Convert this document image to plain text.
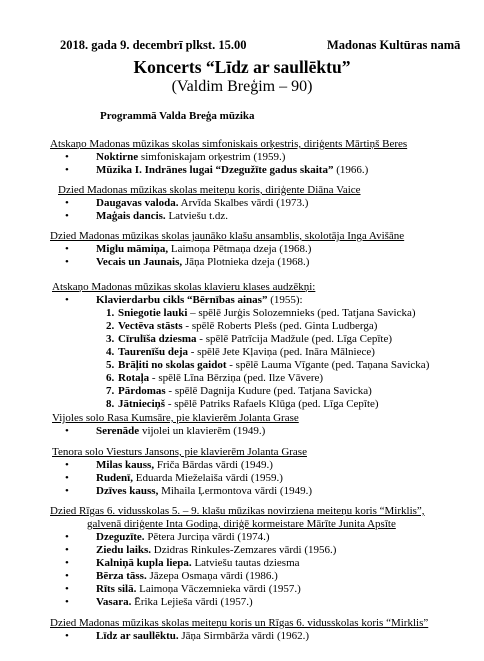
2018. gada 9. decembrī plkst. 15.00	Madonas Kultūras namā
Koncerts “Līdz ar saullēktu”
(Valdim Breģim – 90)
Programmā Valda Breģa mūzika
Atskaņo Madonas mūzikas skolas simfoniskais orķestris, diriģents Mārtiņš Beres
• Noktirne simfoniskajam orķestrim (1959.)
• Mūzika I. Indrānes lugai “Dzegužīte gadus skaita” (1966.)
Dzied Madonas mūzikas skolas meiteņu koris, diriģente Diāna Vaice
• Daugavas valoda. Arvīda Skalbes vārdi (1973.)
• Maģais dancis. Latviešu t.dz.
Dzied Madonas mūzikas skolas jaunāko klašu ansamblis, skolotāja Inga Avišāne
• Miglu māmiņa, Laimoņa Pētmaņa dzeja (1968.)
• Vecais un Jaunais, Jāņa Plotnieka dzeja (1968.)
Atskaņo Madonas mūzikas skolas klavieru klases audzēkņi:
• Klavierdarbu cikls “Bērnības ainas” (1955):
1. Sniegotie lauki – spēlē Jurģis Solozemnieks (ped. Tatjana Savicka)
2. Vectēva stāsts - spēlē Roberts Plešs (ped. Ginta Ludberga)
3. Cīrulīša dziesma - spēlē Patrīcija Madžule (ped. Līga Cepīte)
4. Taurenīšu deja - spēlē Jete Kļaviņa (ped. Ināra Mālniece)
5. Brāļiti no skolas gaidot - spēlē Lauma Vīgante (ped. Taņana Savicka)
6. Rotaļa - spēlē Līna Bērziņa (ped. Ilze Vāvere)
7. Pārdomas - spēlē Dagnija Kudure (ped. Tatjana Savicka)
8. Jātnieciņš - spēlē Patriks Rafaels Klūga (ped. Līga Cepīte)
Vijoles solo Rasa Kumsāre, pie klavierēm Jolanta Grase
• Serenāde vijolei un klavierēm (1949.)
Tenora solo Viesturs Jansons, pie klavierēm Jolanta Grase
• Milas kauss, Friča Bārdas vārdi (1949.)
• Rudenī, Eduarda Mieželaiša vārdi (1959.)
• Dzīves kauss, Mihaila Ļermontova vārdi (1949.)
Dzied Rīgas 6. vidusskolas 5. – 9. klašu mūzikas novirziena meiteņu koris “Mirklis”,
galvenā diriģente Inta Godiņa, diriģē kormeistare Mārīte Junita Apsīte
• Dzeguzīte. Pētera Jurciņa vārdi (1974.)
• Ziedu laiks. Dzidras Rinkules-Zemzares vārdi (1956.)
• Kalniņā kupla liepa. Latviešu tautas dziesma
• Bērza tāss. Jāzepa Osmaņa vārdi (1986.)
• Rīts silā. Laimoņa Vāczemnieka vārdi (1957.)
• Vasara. Ērika Lejieša vārdi (1957.)
Dzied Madonas mūzikas skolas meiteņu koris un Rīgas 6. vidusskolas koris “Mirklis”
• Līdz ar saullēktu. Jāņa Sirmbārža vārdi (1962.)
